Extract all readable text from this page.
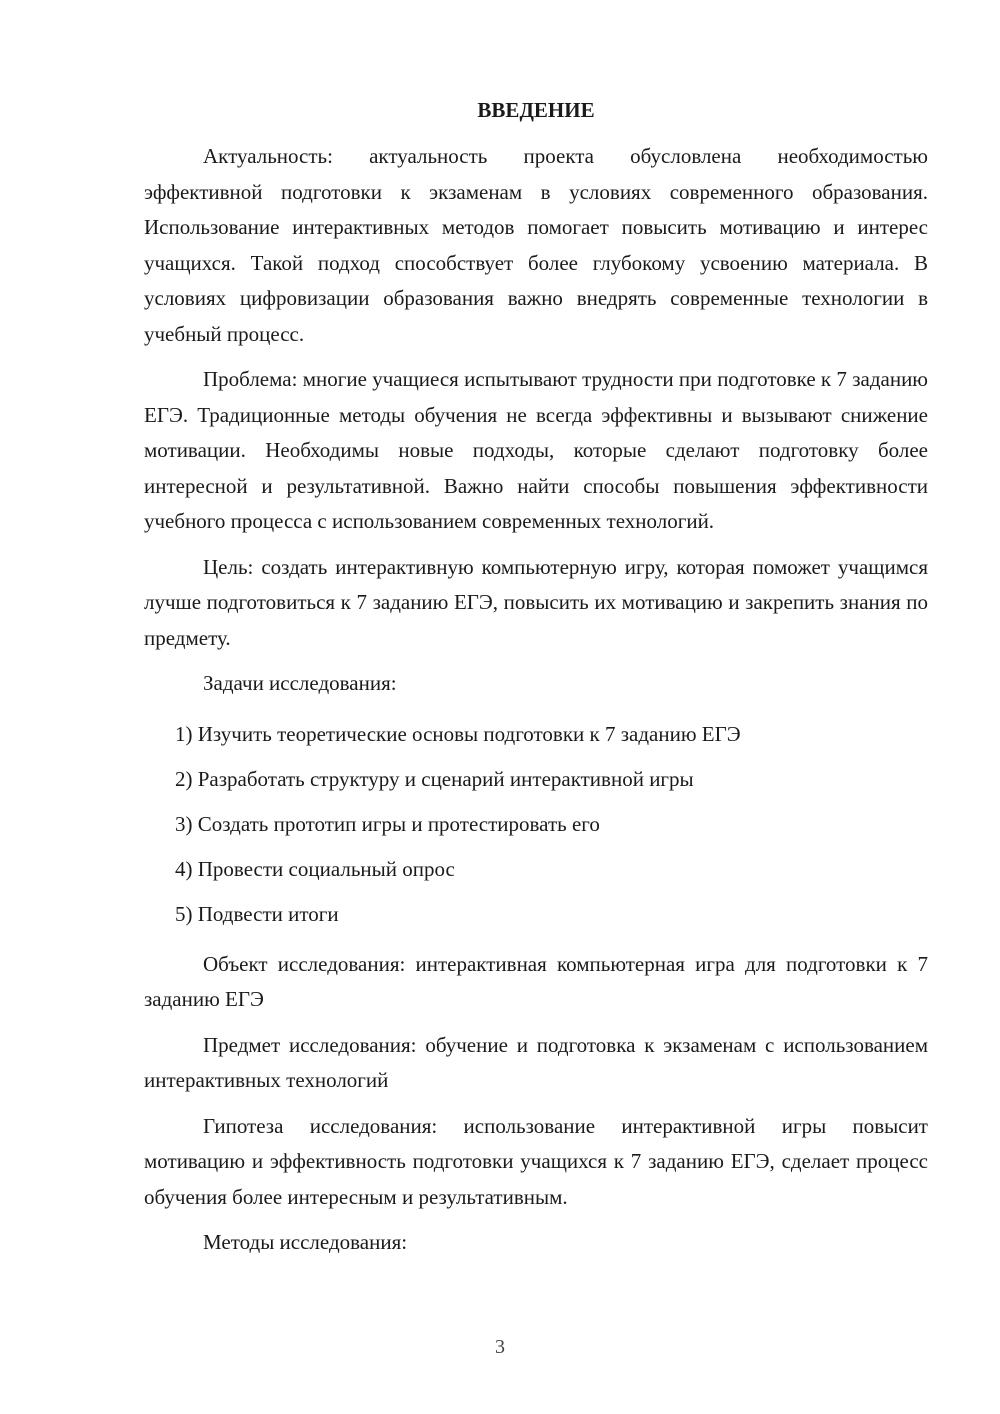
ВВЕДЕНИЕ

Актуальность: актуальность проекта обусловлена необходимостью эффективной подготовки к экзаменам в условиях современного образования. Использование интерактивных методов помогает повысить мотивацию и интерес учащихся. Такой подход способствует более глубокому усвоению материала. В условиях цифровизации образования важно внедрять современные технологии в учебный процесс.

Проблема: многие учащиеся испытывают трудности при подготовке к 7 заданию ЕГЭ. Традиционные методы обучения не всегда эффективны и вызывают снижение мотивации. Необходимы новые подходы, которые сделают подготовку более интересной и результативной. Важно найти способы повышения эффективности учебного процесса с использованием современных технологий.

Цель: создать интерактивную компьютерную игру, которая поможет учащимся лучше подготовиться к 7 заданию ЕГЭ, повысить их мотивацию и закрепить знания по предмету.

Задачи исследования:

1) Изучить теоретические основы подготовки к 7 заданию ЕГЭ
2) Разработать структуру и сценарий интерактивной игры
3) Создать прототип игры и протестировать его
4) Провести социальный опрос
5) Подвести итоги

Объект исследования: интерактивная компьютерная игра для подготовки к 7 заданию ЕГЭ

Предмет исследования: обучение и подготовка к экзаменам с использованием интерактивных технологий

Гипотеза исследования: использование интерактивной игры повысит мотивацию и эффективность подготовки учащихся к 7 заданию ЕГЭ, сделает процесс обучения более интересным и результативным.

Методы исследования:

3
